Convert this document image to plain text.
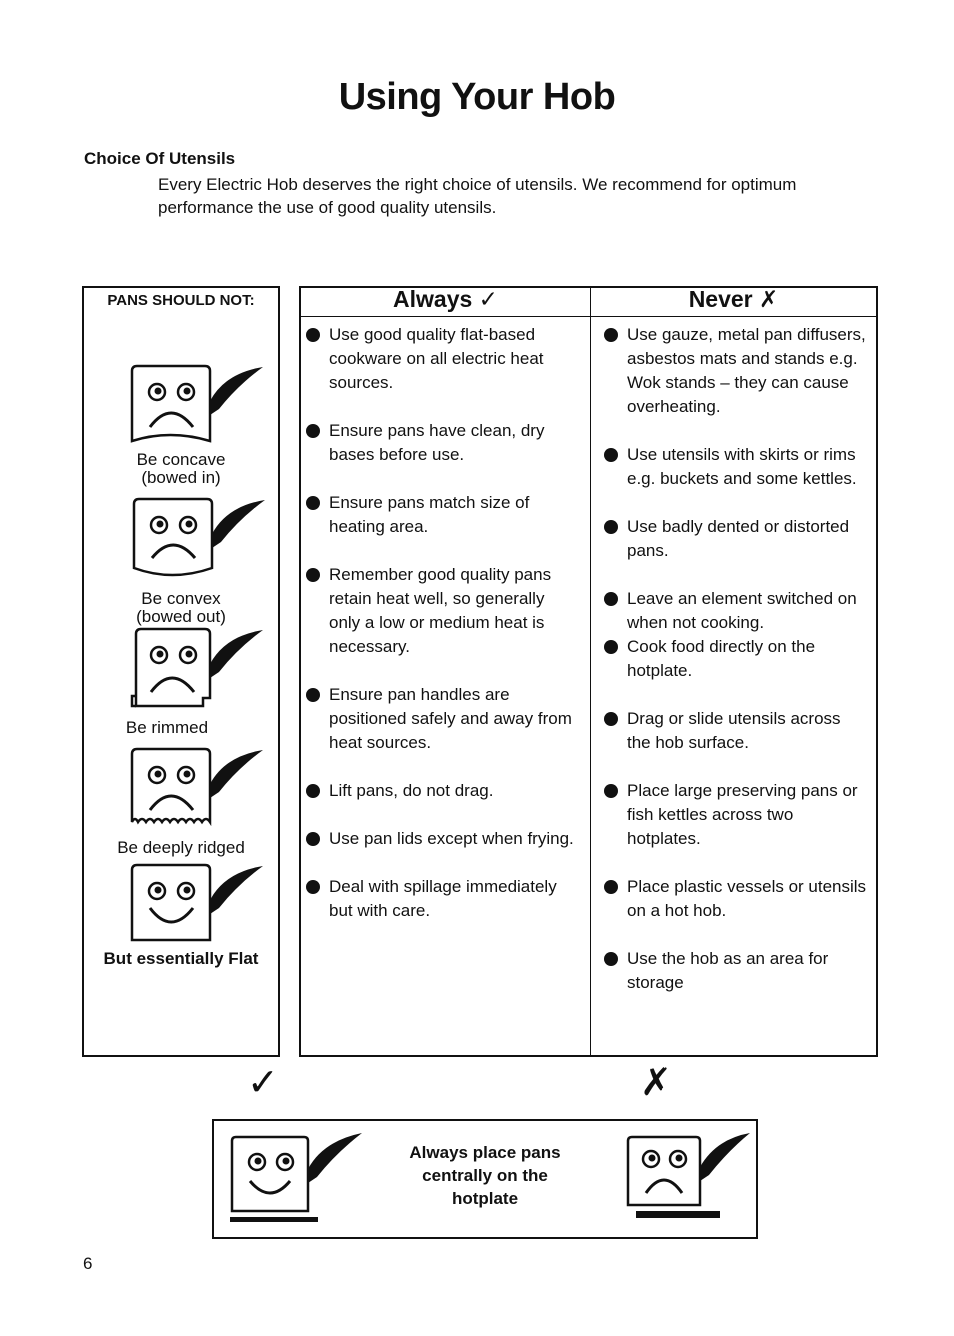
Using Your Hob
Choice Of Utensils

Every Electric Hob deserves the right choice of utensils. We recommend for optimum

performance the use of good quality utensils.

PANS SHOULD NOT:
Be concave
(bowed in)
Be convex
(bowed out)
Be rimmed
Be deeply ridged
But essentially Flat
Always ✓	Never ✗
Use good quality flat-based
cookware on all electric heat
sources.
Ensure pans have clean, dry
bases before use.
Ensure pans match size of
heating area.
Remember good quality pans
retain heat well, so generally
only a low or medium heat is
necessary.
Ensure pan handles are
positioned safely and away from
heat sources.
Lift pans, do not drag.
Use pan lids except when frying.
Deal with spillage immediately
but with care.
Use gauze, metal pan diffusers,
asbestos mats and stands e.g.
Wok stands – they can cause
overheating.
Use utensils with skirts or rims
e.g. buckets and some kettles.
Use badly dented or distorted
pans.
Leave an element switched on
when not cooking.
Cook food directly on the
hotplate.
Drag or slide utensils across
the hob surface.
Place large preserving pans or
fish kettles across two
hotplates.
Place plastic vessels or utensils
on a hot hob.
Use the hob as an area for
storage
✓	✗
Always place pans
centrally on the
hotplate
6
